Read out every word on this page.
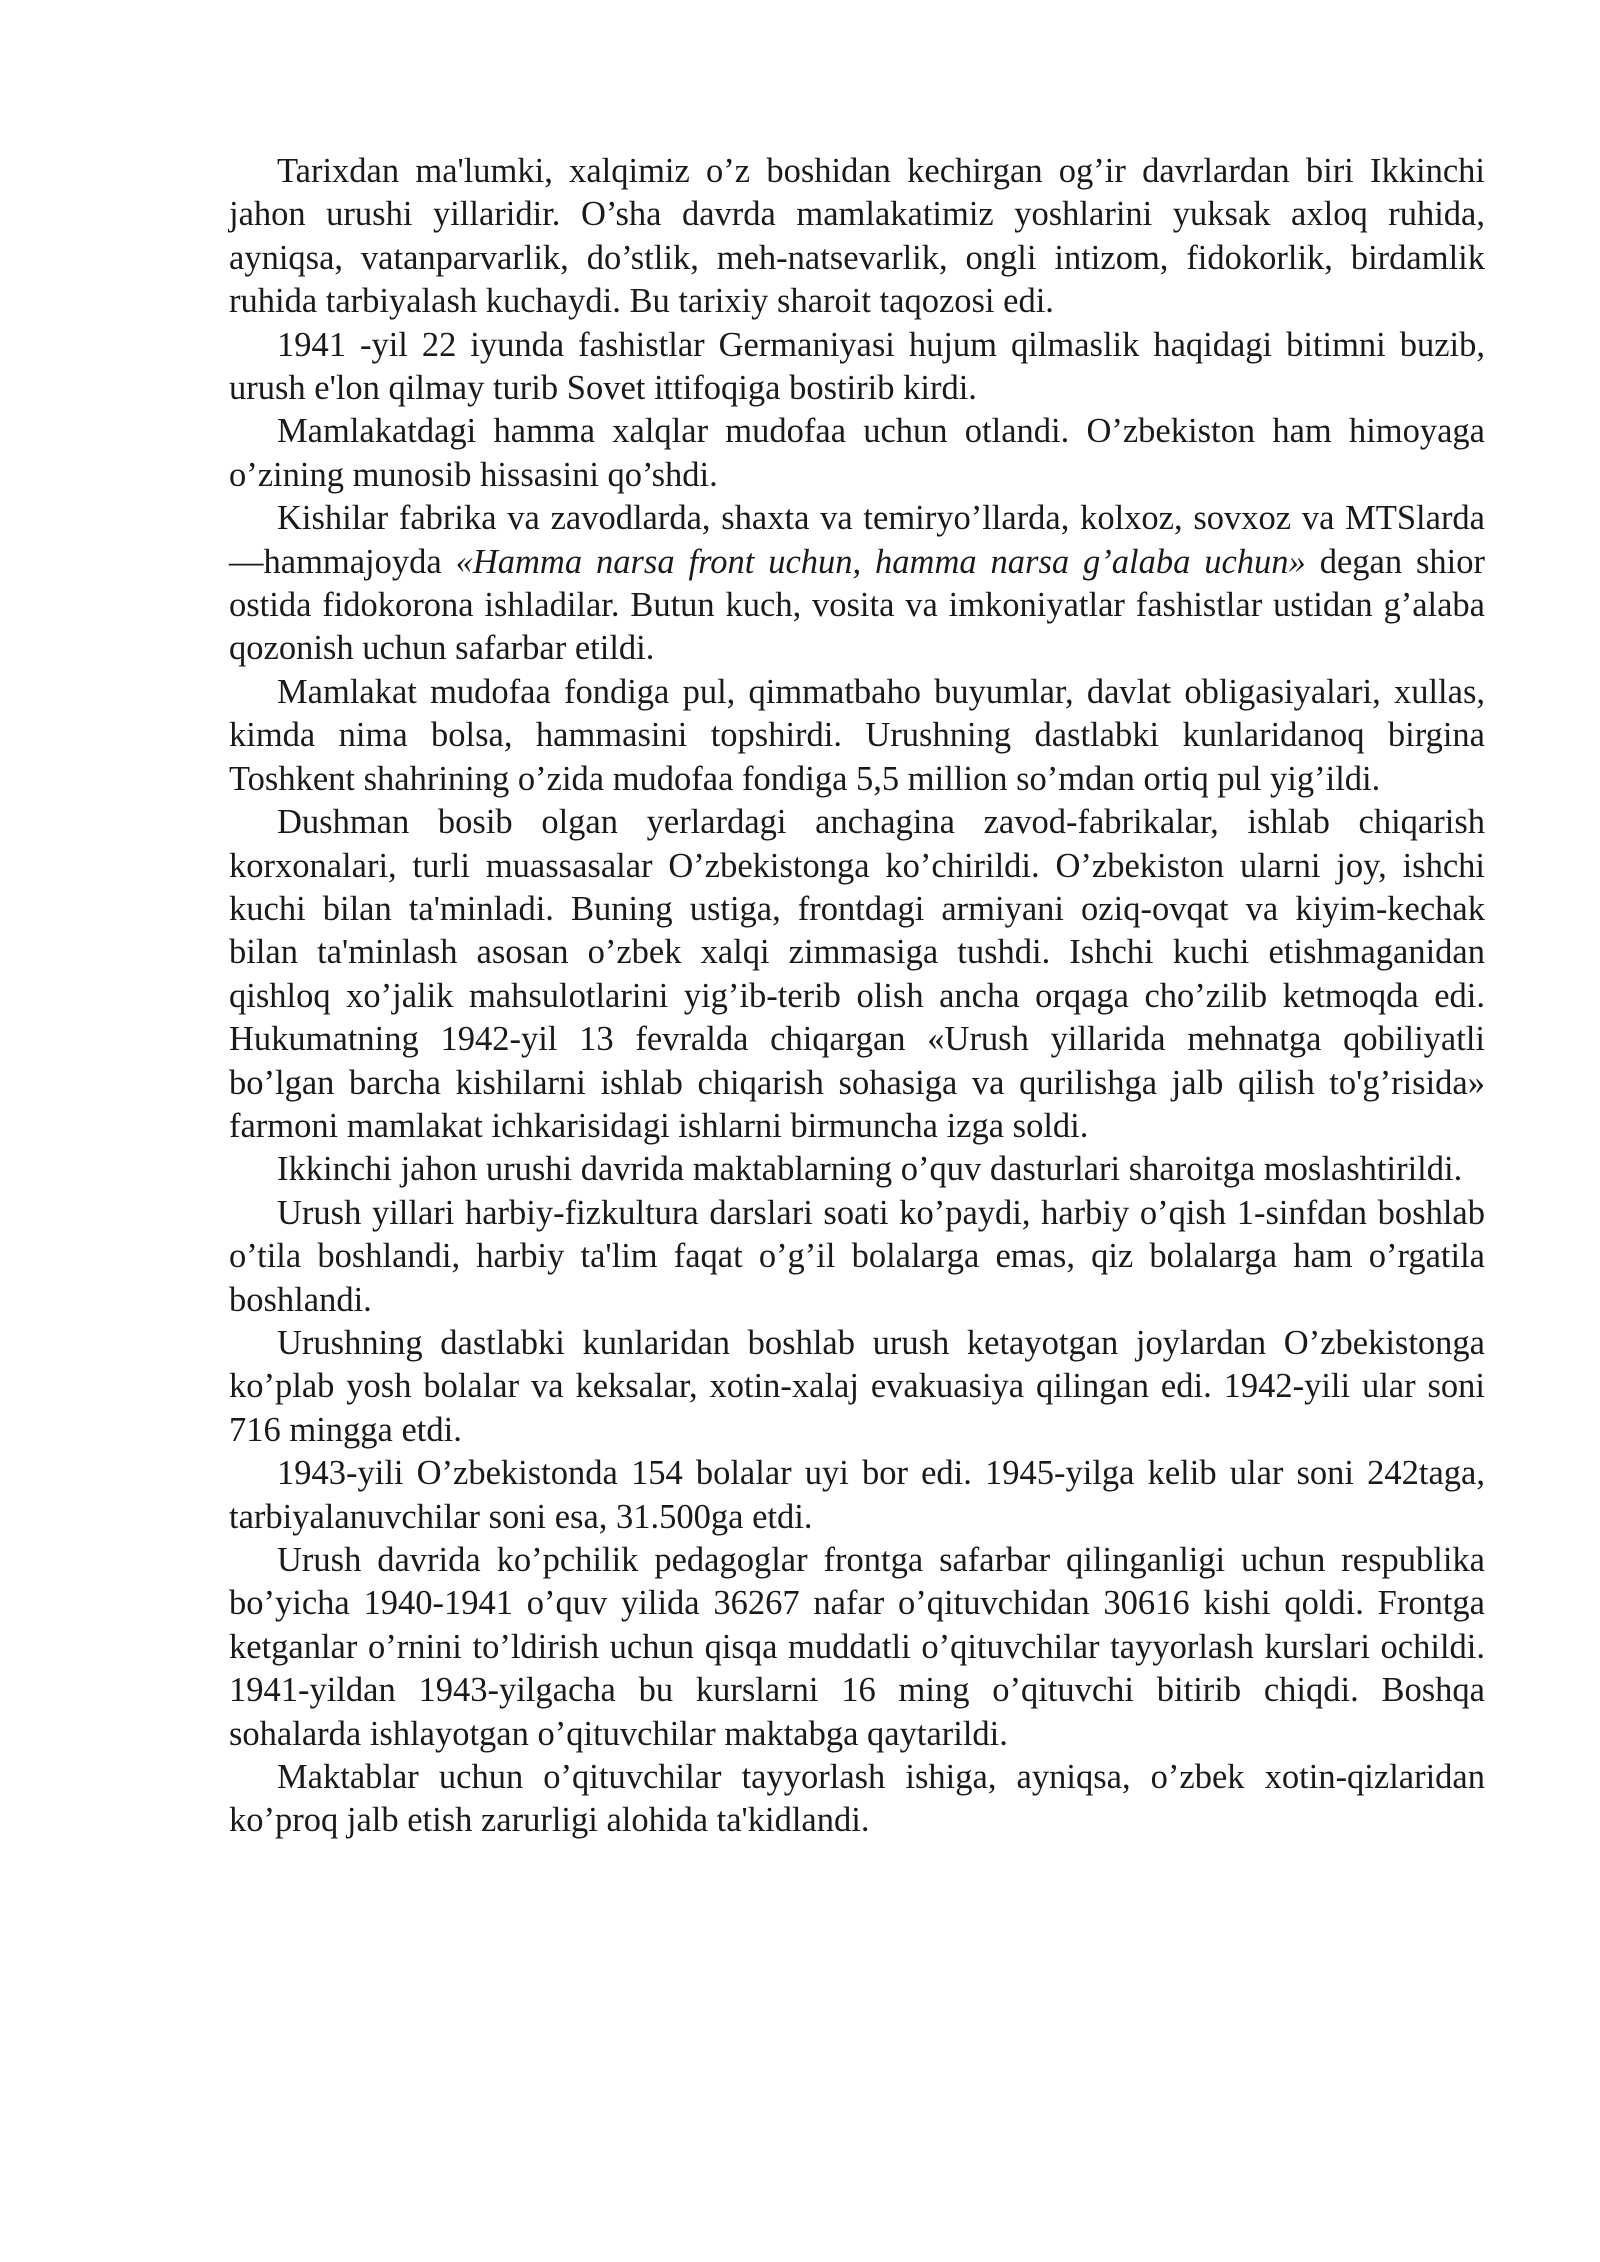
Tarixdan ma'lumki, xalqimiz o’z boshidan kechirgan og’ir davrlardan biri Ikkinchi jahon urushi yillaridir. O’sha davrda mamlakatimiz yoshlarini yuksak axloq ruhida, ayniqsa, vatanparvarlik, do’stlik, meh-natsevarlik, ongli intizom, fidokorlik, birdamlik ruhida tarbiyalash kuchaydi. Bu tarixiy sharoit taqozosi edi.

1941 -yil 22 iyunda fashistlar Germaniyasi hujum qilmaslik haqidagi bitimni buzib, urush e'lon qilmay turib Sovet ittifoqiga bostirib kirdi.

Mamlakatdagi hamma xalqlar mudofaa uchun otlandi. O’zbekiston ham himoyaga o’zining munosib hissasini qo’shdi.

Kishilar fabrika va zavodlarda, shaxta va temiryo’llarda, kolxoz, sovxoz va MTSlarda—hammajoyda «Hamma narsa front uchun, hamma narsa g’alaba uchun» degan shior ostida fidokorona ishladilar. Butun kuch, vosita va imkoniyatlar fashistlar ustidan g’alaba qozonish uchun safarbar etildi.

Mamlakat mudofaa fondiga pul, qimmatbaho buyumlar, davlat obligasiyalari, xullas, kimda nima bolsa, hammasini topshirdi. Urushning dastlabki kunlaridanoq birgina Toshkent shahrining o’zida mudofaa fondiga 5,5 million so’mdan ortiq pul yig’ildi.

Dushman bosib olgan yerlardagi anchagina zavod-fabrikalar, ishlab chiqarish korxonalari, turli muassasalar O’zbekistonga ko’chirildi. O’zbekiston ularni joy, ishchi kuchi bilan ta'minladi. Buning ustiga, frontdagi armiyani oziq-ovqat va kiyim-kechak bilan ta'minlash asosan o’zbek xalqi zimmasiga tushdi. Ishchi kuchi etishmaganidan qishloq xo’jalik mahsulotlarini yig’ib-terib olish ancha orqaga cho’zilib ketmoqda edi. Hukumatning 1942-yil 13 fevralda chiqargan «Urush yillarida mehnatga qobiliyatli bo’lgan barcha kishilarni ishlab chiqarish sohasiga va qurilishga jalb qilish to'g’risida» farmoni mamlakat ichkarisidagi ishlarni birmuncha izga soldi.

Ikkinchi jahon urushi davrida maktablarning o’quv dasturlari sharoitga moslashtirildi.

Urush yillari harbiy-fizkultura darslari soati ko’paydi, harbiy o’qish 1-sinfdan boshlab o’tila boshlandi, harbiy ta'lim faqat o’g’il bolalarga emas, qiz bolalarga ham o’rgatila boshlandi.

Urushning dastlabki kunlaridan boshlab urush ketayotgan joylardan O’zbekistonga ko’plab yosh bolalar va keksalar, xotin-xalaj evakuasiya qilingan edi. 1942-yili ular soni 716 mingga etdi.

1943-yili O’zbekistonda 154 bolalar uyi bor edi. 1945-yilga kelib ular soni 242taga, tarbiyalanuvchilar soni esa, 31.500ga etdi.

Urush davrida ko’pchilik pedagoglar frontga safarbar qilinganligi uchun respublika bo’yicha 1940-1941 o’quv yilida 36267 nafar o’qituvchidan 30616 kishi qoldi. Frontga ketganlar o’rnini to’ldirish uchun qisqa muddatli o’qituvchilar tayyorlash kurslari ochildi. 1941-yildan 1943-yilgacha bu kurslarni 16 ming o’qituvchi bitirib chiqdi. Boshqa sohalarda ishlayotgan o’qituvchilar maktabga qaytarildi.

Maktablar uchun o’qituvchilar tayyorlash ishiga, ayniqsa, o’zbek xotin-qizlaridan ko’proq jalb etish zarurligi alohida ta'kidlandi.
